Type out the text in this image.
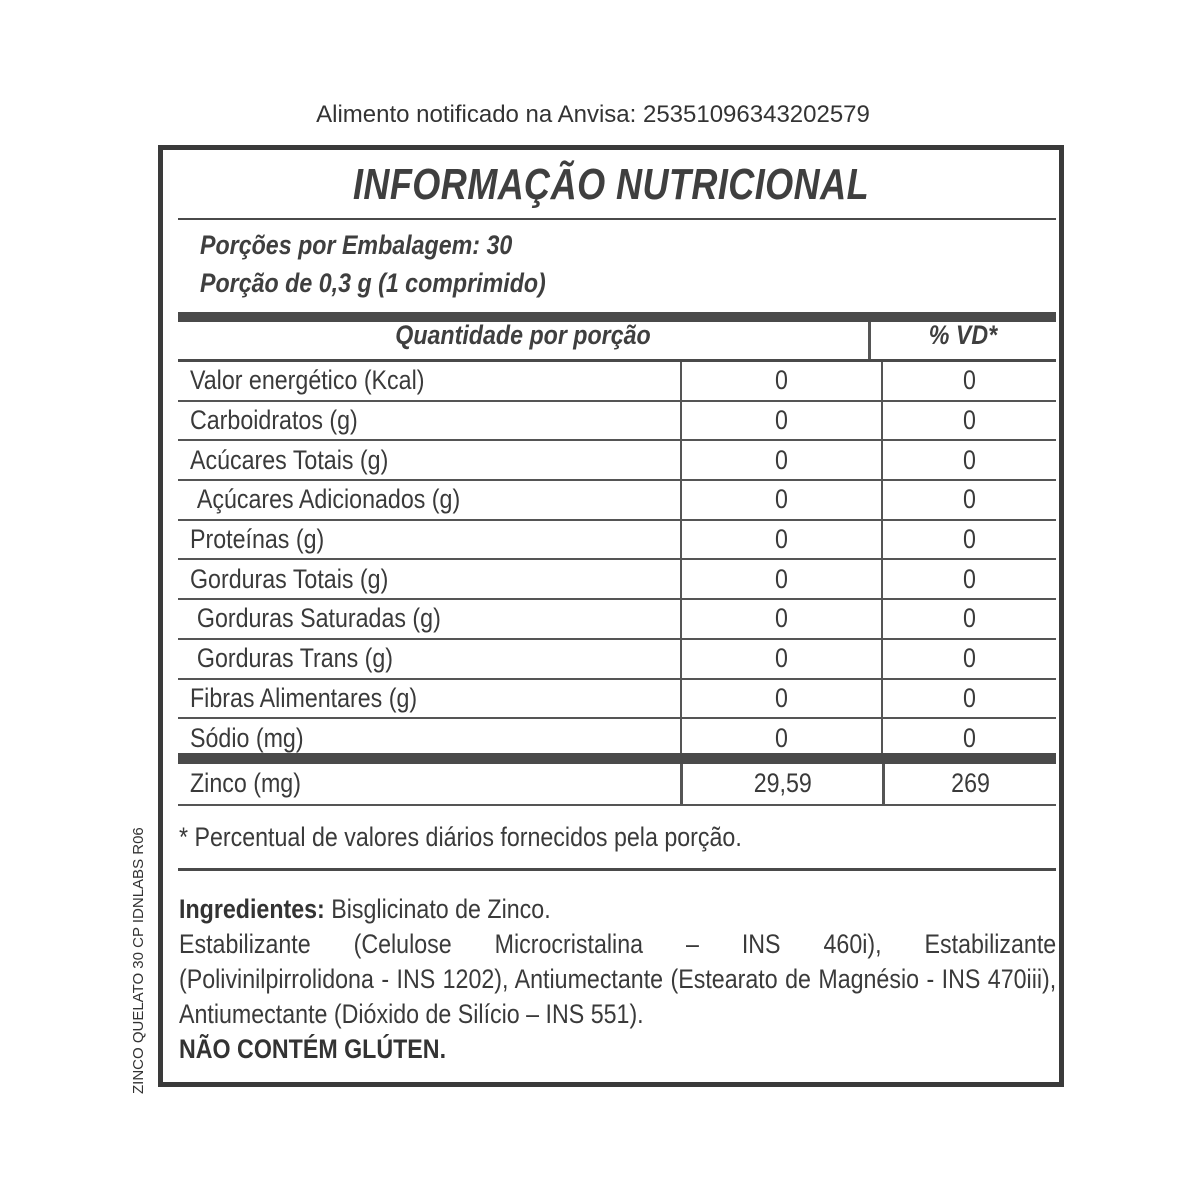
Alimento notificado na Anvisa: 25351096343202579
ZINCO QUELATO 30 CP IDNLABS R06
INFORMAÇÃO NUTRICIONAL
Porções por Embalagem: 30
Porção de 0,3 g (1 comprimido)
Quantidade por porção	% VD*
Valor energético (Kcal)	0	0
Carboidratos (g)	0	0
Acúcares Totais (g)	0	0
Açúcares Adicionados (g)	0	0
Proteínas (g)	0	0
Gorduras Totais (g)	0	0
Gorduras Saturadas (g)	0	0
Gorduras Trans (g)	0	0
Fibras Alimentares (g)	0	0
Sódio (mg)	0	0
Zinco (mg)	29,59	269
* Percentual de valores diários fornecidos pela porção.
Ingredientes: Bisglicinato de Zinco.
Estabilizante (Celulose Microcristalina – INS 460i), Estabilizante
(Polivinilpirrolidona - INS 1202), Antiumectante (Estearato de Magnésio - INS 470iii), Antiumectante (Dióxido de Silício – INS 551).
NÃO CONTÉM GLÚTEN.
